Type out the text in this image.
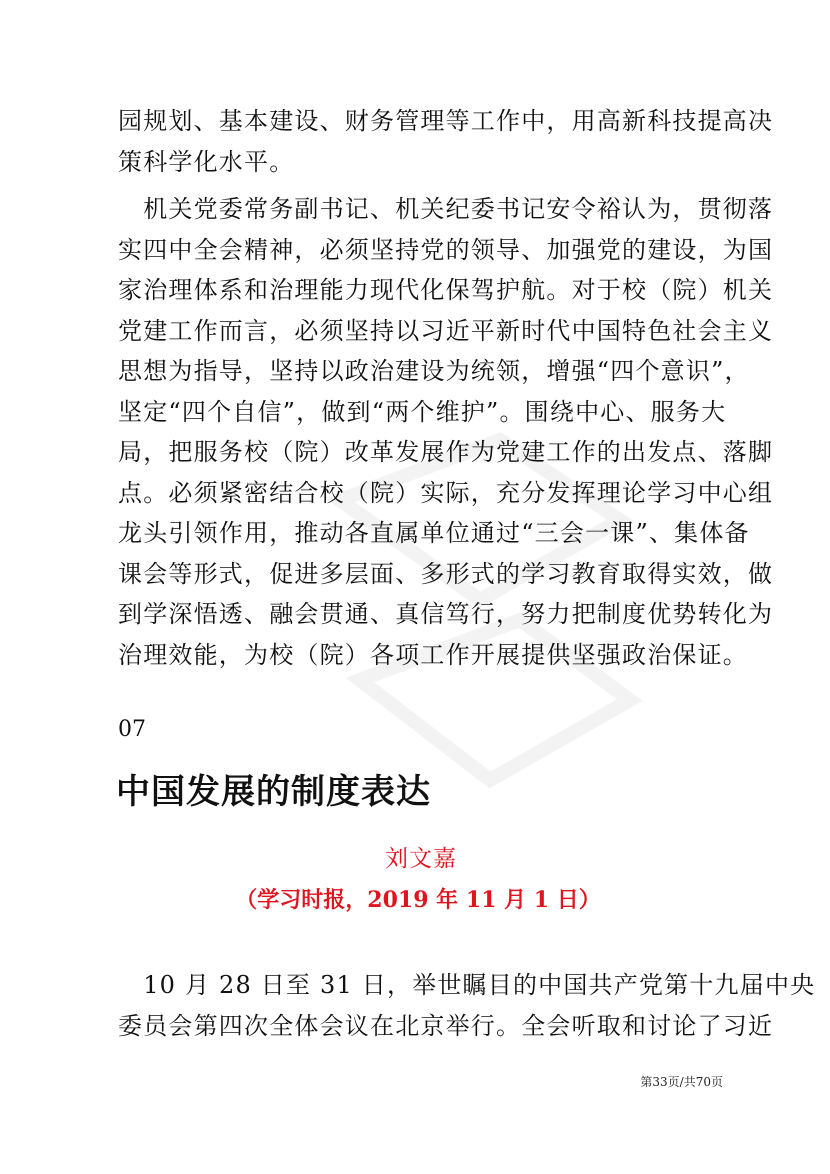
园规划、基本建设、财务管理等工作中，用高新科技提高决
策科学化水平。
　机关党委常务副书记、机关纪委书记安令裕认为，贯彻落
实四中全会精神，必须坚持党的领导、加强党的建设，为国
家治理体系和治理能力现代化保驾护航。对于校（院）机关
党建工作而言，必须坚持以习近平新时代中国特色社会主义
思想为指导，坚持以政治建设为统领，增强“四个意识”，
坚定“四个自信”，做到“两个维护”。围绕中心、服务大
局，把服务校（院）改革发展作为党建工作的出发点、落脚
点。必须紧密结合校（院）实际，充分发挥理论学习中心组
龙头引领作用，推动各直属单位通过“三会一课”、集体备
课会等形式，促进多层面、多形式的学习教育取得实效，做
到学深悟透、融会贯通、真信笃行，努力把制度优势转化为
治理效能，为校（院）各项工作开展提供坚强政治保证。
07
中国发展的制度表达
刘文嘉
（学习时报，2019 年 11 月 1 日）
　10 月 28 日至 31 日，举世瞩目的中国共产党第十九届中央
委员会第四次全体会议在北京举行。全会听取和讨论了习近
第33页/共70页
